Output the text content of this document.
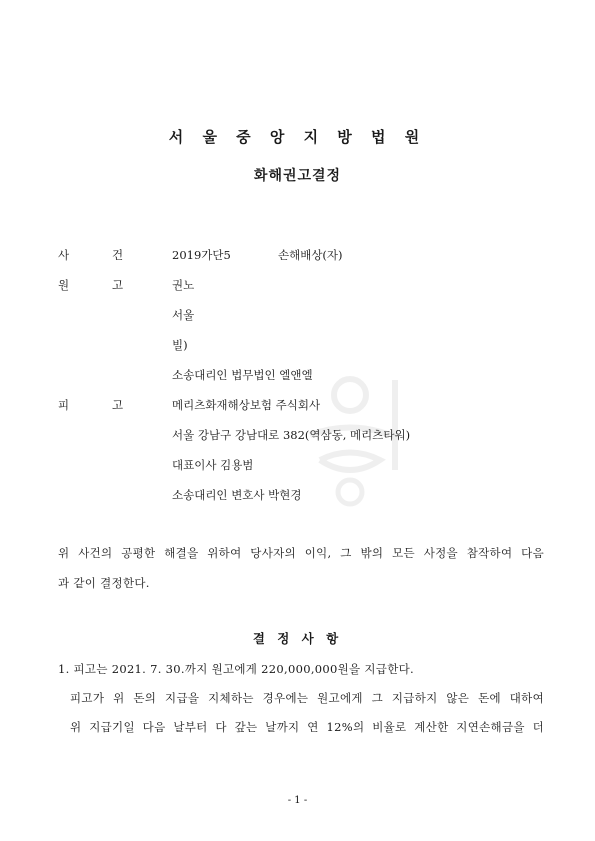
서 울 중 앙 지 방 법 원
화해권고결정
사	건	2019가단5	손해배상(자)
원	고	권노
서울
빌)
소송대리인 법무법인 엘앤엘
피	고	메리츠화재해상보험 주식회사
서울 강남구 강남대로 382(역삼동, 메리츠타워)
대표이사 김용범
소송대리인 변호사 박현경
위 사건의 공평한 해결을 위하여 당사자의 이익, 그 밖의 모든 사정을 참작하여 다음
과 같이 결정한다.
결 정 사 항
1. 피고는 2021. 7. 30.까지 원고에게 220,000,000원을 지급한다.
피고가 위 돈의 지급을 지체하는 경우에는 원고에게 그 지급하지 않은 돈에 대하여
위 지급기일 다음 날부터 다 갚는 날까지 연 12%의 비율로 계산한 지연손해금을 더
- 1 -
